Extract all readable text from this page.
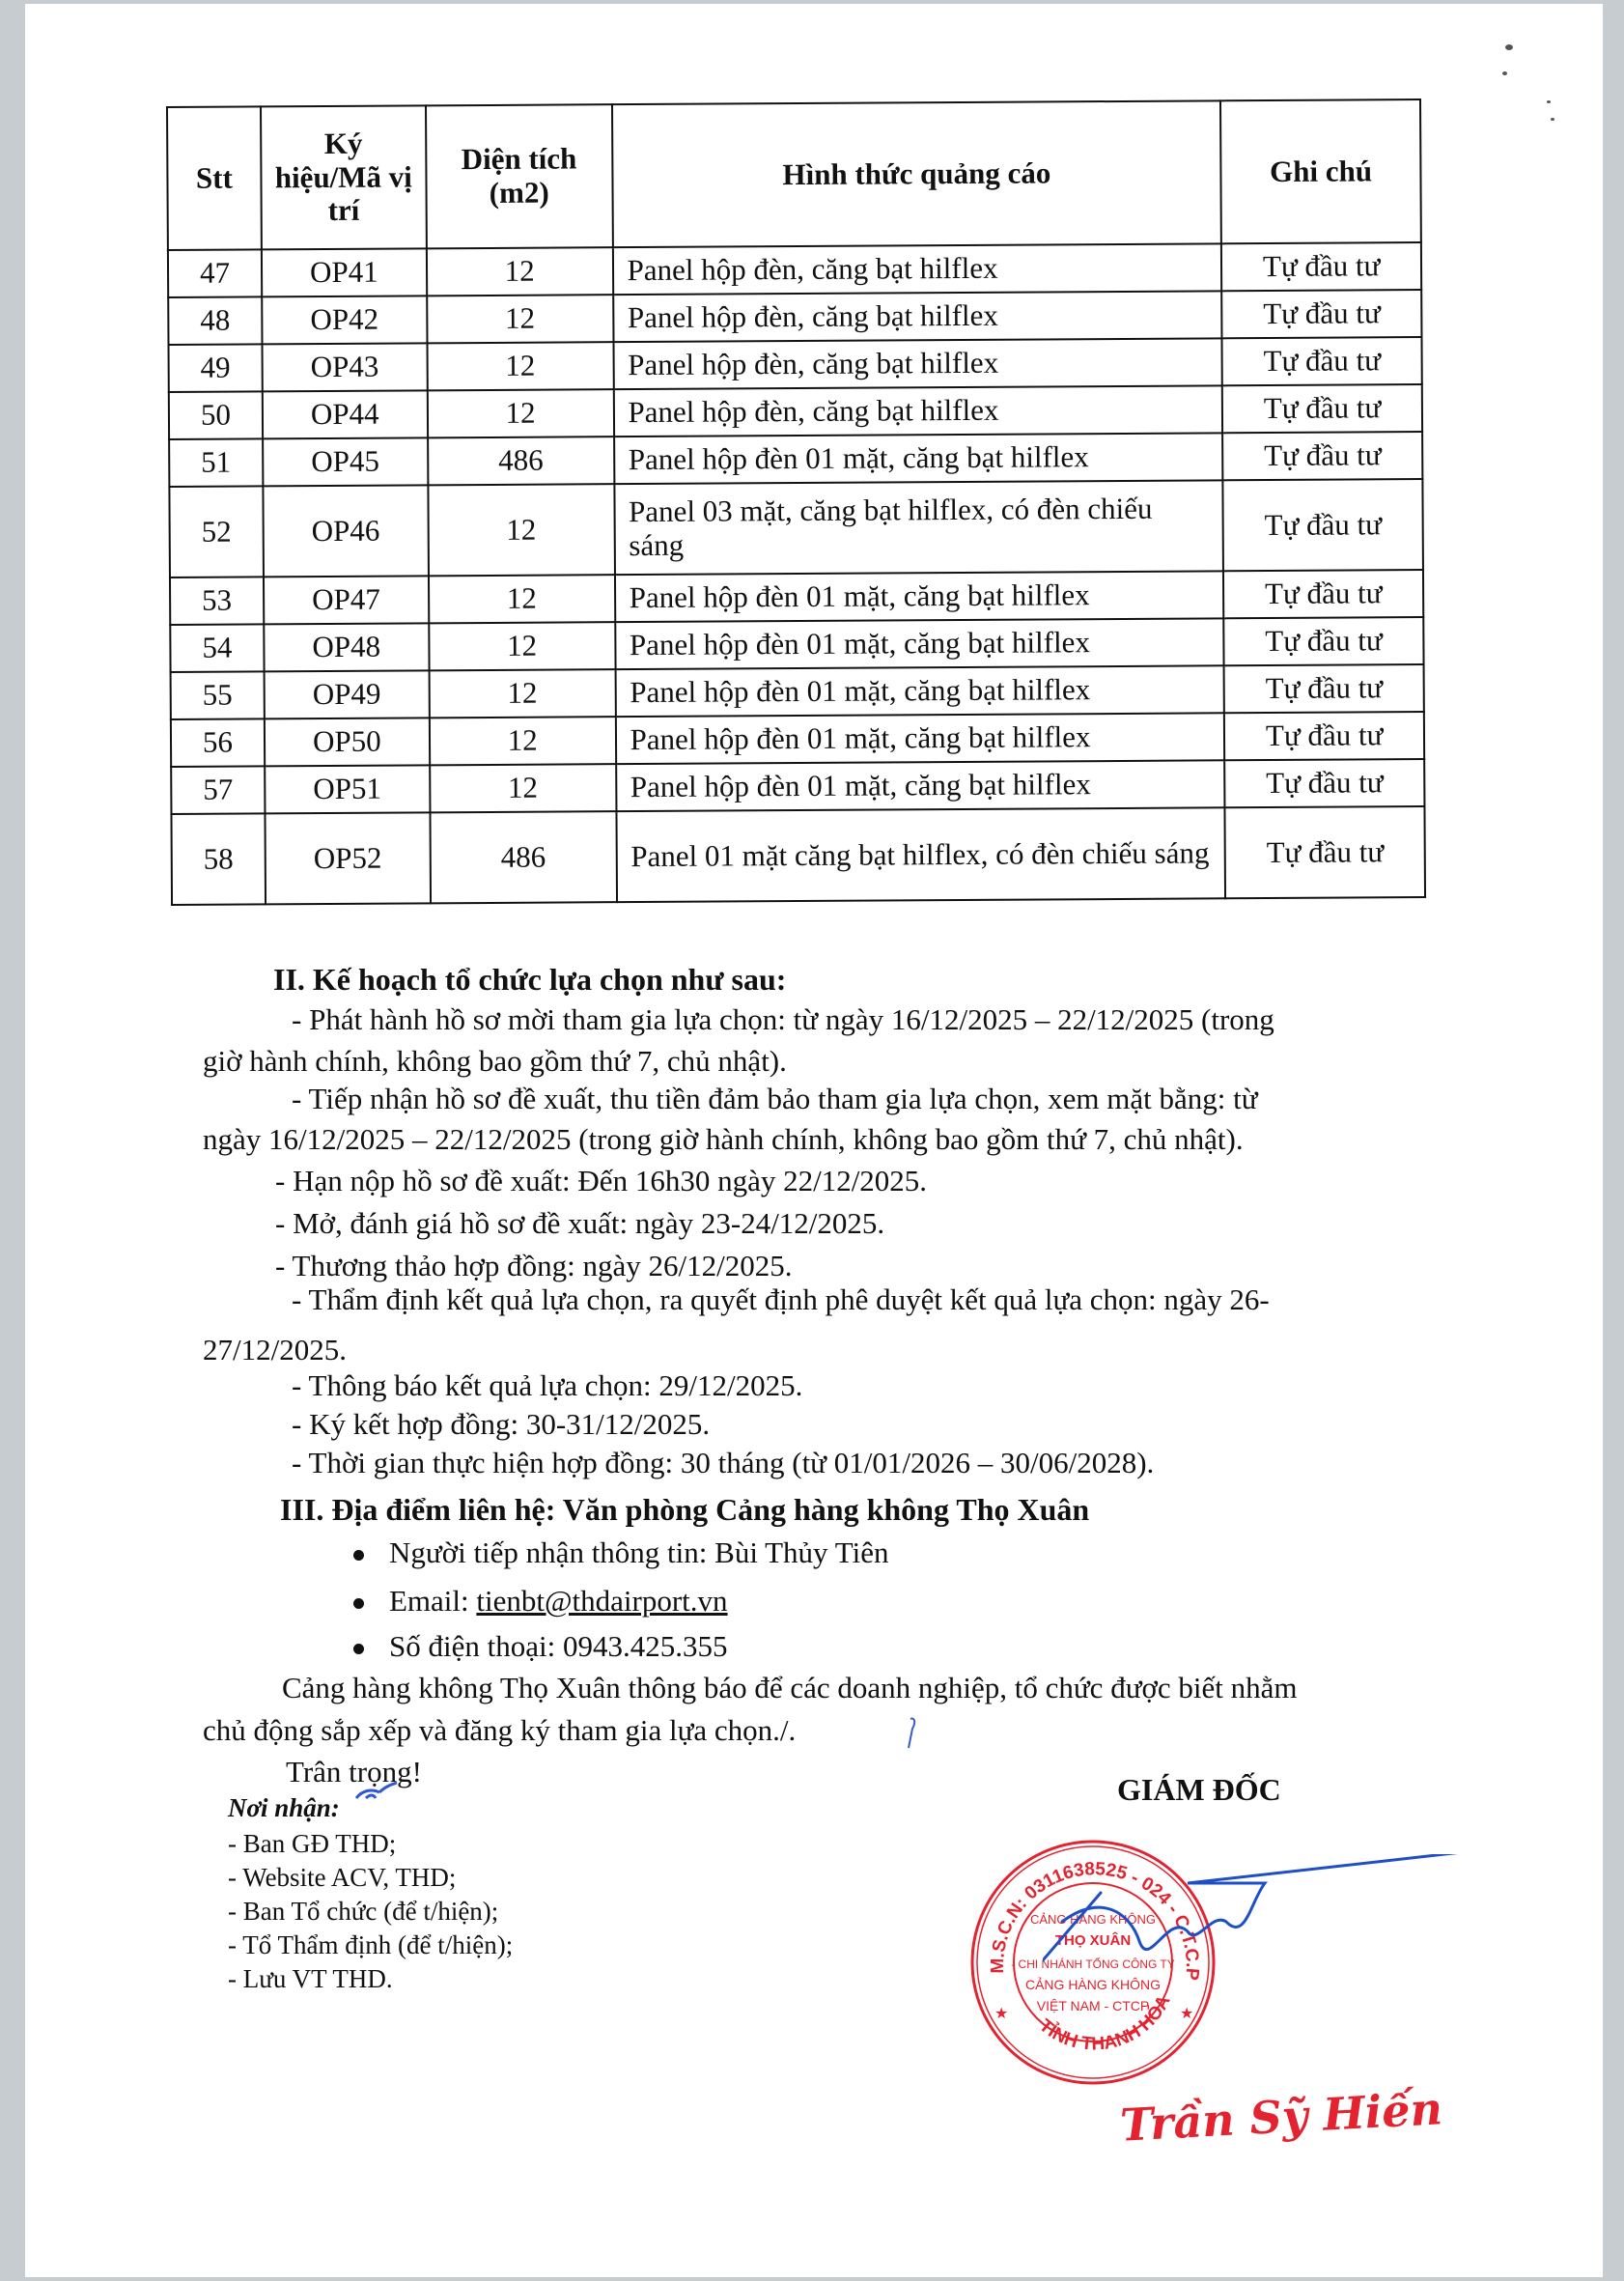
Stt	Ký hiệu/Mã vị trí	Diện tích (m2)	Hình thức quảng cáo	Ghi chú
47	OP41	12	Panel hộp đèn, căng bạt hilflex	Tự đầu tư
48	OP42	12	Panel hộp đèn, căng bạt hilflex	Tự đầu tư
49	OP43	12	Panel hộp đèn, căng bạt hilflex	Tự đầu tư
50	OP44	12	Panel hộp đèn, căng bạt hilflex	Tự đầu tư
51	OP45	486	Panel hộp đèn 01 mặt, căng bạt hilflex	Tự đầu tư
52	OP46	12	Panel 03 mặt, căng bạt hilflex, có đèn chiếu sáng	Tự đầu tư
53	OP47	12	Panel hộp đèn 01 mặt, căng bạt hilflex	Tự đầu tư
54	OP48	12	Panel hộp đèn 01 mặt, căng bạt hilflex	Tự đầu tư
55	OP49	12	Panel hộp đèn 01 mặt, căng bạt hilflex	Tự đầu tư
56	OP50	12	Panel hộp đèn 01 mặt, căng bạt hilflex	Tự đầu tư
57	OP51	12	Panel hộp đèn 01 mặt, căng bạt hilflex	Tự đầu tư
58	OP52	486	Panel 01 mặt căng bạt hilflex, có đèn chiếu sáng	Tự đầu tư
II. Kế hoạch tổ chức lựa chọn như sau:
- Phát hành hồ sơ mời tham gia lựa chọn: từ ngày 16/12/2025 – 22/12/2025 (trong
giờ hành chính, không bao gồm thứ 7, chủ nhật).
- Tiếp nhận hồ sơ đề xuất, thu tiền đảm bảo tham gia lựa chọn, xem mặt bằng: từ
ngày 16/12/2025 – 22/12/2025 (trong giờ hành chính, không bao gồm thứ 7, chủ nhật).
- Hạn nộp hồ sơ đề xuất: Đến 16h30 ngày 22/12/2025.
- Mở, đánh giá hồ sơ đề xuất: ngày 23-24/12/2025.
- Thương thảo hợp đồng: ngày 26/12/2025.
- Thẩm định kết quả lựa chọn, ra quyết định phê duyệt kết quả lựa chọn: ngày 26-
27/12/2025.
- Thông báo kết quả lựa chọn: 29/12/2025.
- Ký kết hợp đồng: 30-31/12/2025.
- Thời gian thực hiện hợp đồng: 30 tháng (từ 01/01/2026 – 30/06/2028).
III. Địa điểm liên hệ: Văn phòng Cảng hàng không Thọ Xuân
Người tiếp nhận thông tin: Bùi Thủy Tiên
Email: tienbt@thdairport.vn
Số điện thoại: 0943.425.355
Cảng hàng không Thọ Xuân thông báo để các doanh nghiệp, tổ chức được biết nhằm
chủ động sắp xếp và đăng ký tham gia lựa chọn./.
Trân trọng!
Nơi nhận:
- Ban GĐ THD;
- Website ACV, THD;
- Ban Tổ chức (để t/hiện);
- Tổ Thẩm định (để t/hiện);
- Lưu VT THD.
GIÁM ĐỐC
M.S.C.N: 0311638525 - 024 - C.T.C.P
TỈNH THANH HÓA
★	★
CẢNG HÀNG KHÔNG
THỌ XUÂN
- CHI NHÁNH TỔNG CÔNG TY
CẢNG HÀNG KHÔNG
VIỆT NAM - CTCP
Trần Sỹ Hiến
